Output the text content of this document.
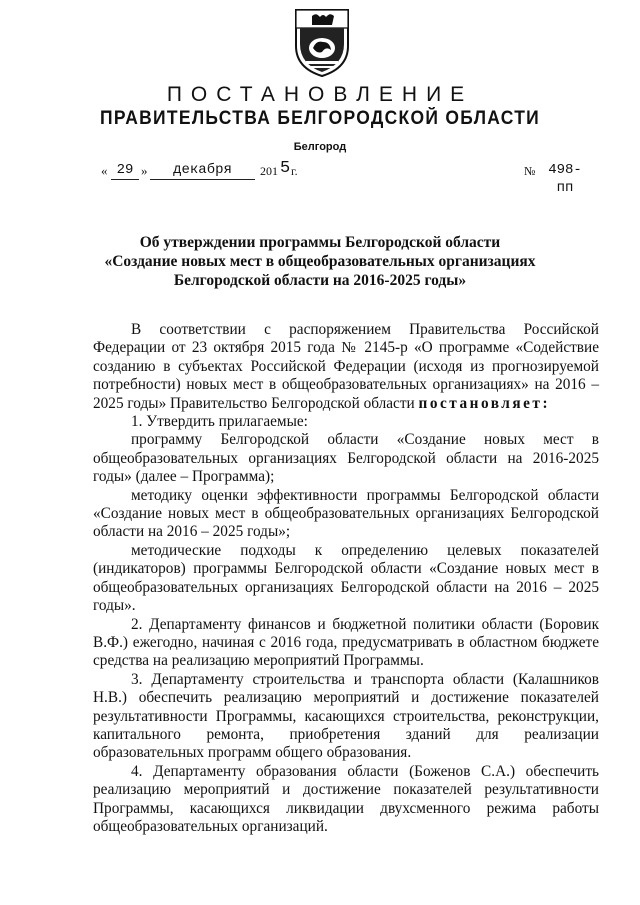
ПОСТАНОВЛЕНИЕ
ПРАВИТЕЛЬСТВА БЕЛГОРОДСКОЙ ОБЛАСТИ
Белгород
« 29 »	декабря	201 5 г.	№ 498-пп
Об утверждении программы Белгородской области
«Создание новых мест в общеобразовательных организациях
Белгородской области на 2016-2025 годы»

В соответствии с распоряжением Правительства Российской Федерации от 23 октября 2015 года № 2145-р «О программе «Содействие созданию в субъектах Российской Федерации (исходя из прогнозируемой потребности) новых мест в общеобразовательных организациях» на 2016 – 2025 годы» Правительство Белгородской области постановляет:

1. Утвердить прилагаемые:

программу Белгородской области «Создание новых мест в общеобразовательных организациях Белгородской области на 2016-2025 годы» (далее – Программа);

методику оценки эффективности программы Белгородской области «Создание новых мест в общеобразовательных организациях Белгородской области на 2016 – 2025 годы»;

методические подходы к определению целевых показателей (индикаторов) программы Белгородской области «Создание новых мест в общеобразовательных организациях Белгородской области на 2016 – 2025 годы».

2. Департаменту финансов и бюджетной политики области (Боровик В.Ф.) ежегодно, начиная с 2016 года, предусматривать в областном бюджете средства на реализацию мероприятий Программы.

3. Департаменту строительства и транспорта области (Калашников Н.В.) обеспечить реализацию мероприятий и достижение показателей результативности Программы, касающихся строительства, реконструкции, капитального ремонта, приобретения зданий для реализации образовательных программ общего образования.

4. Департаменту образования области (Боженов С.А.) обеспечить реализацию мероприятий и достижение показателей результативности Программы, касающихся ликвидации двухсменного режима работы общеобразовательных организаций.
